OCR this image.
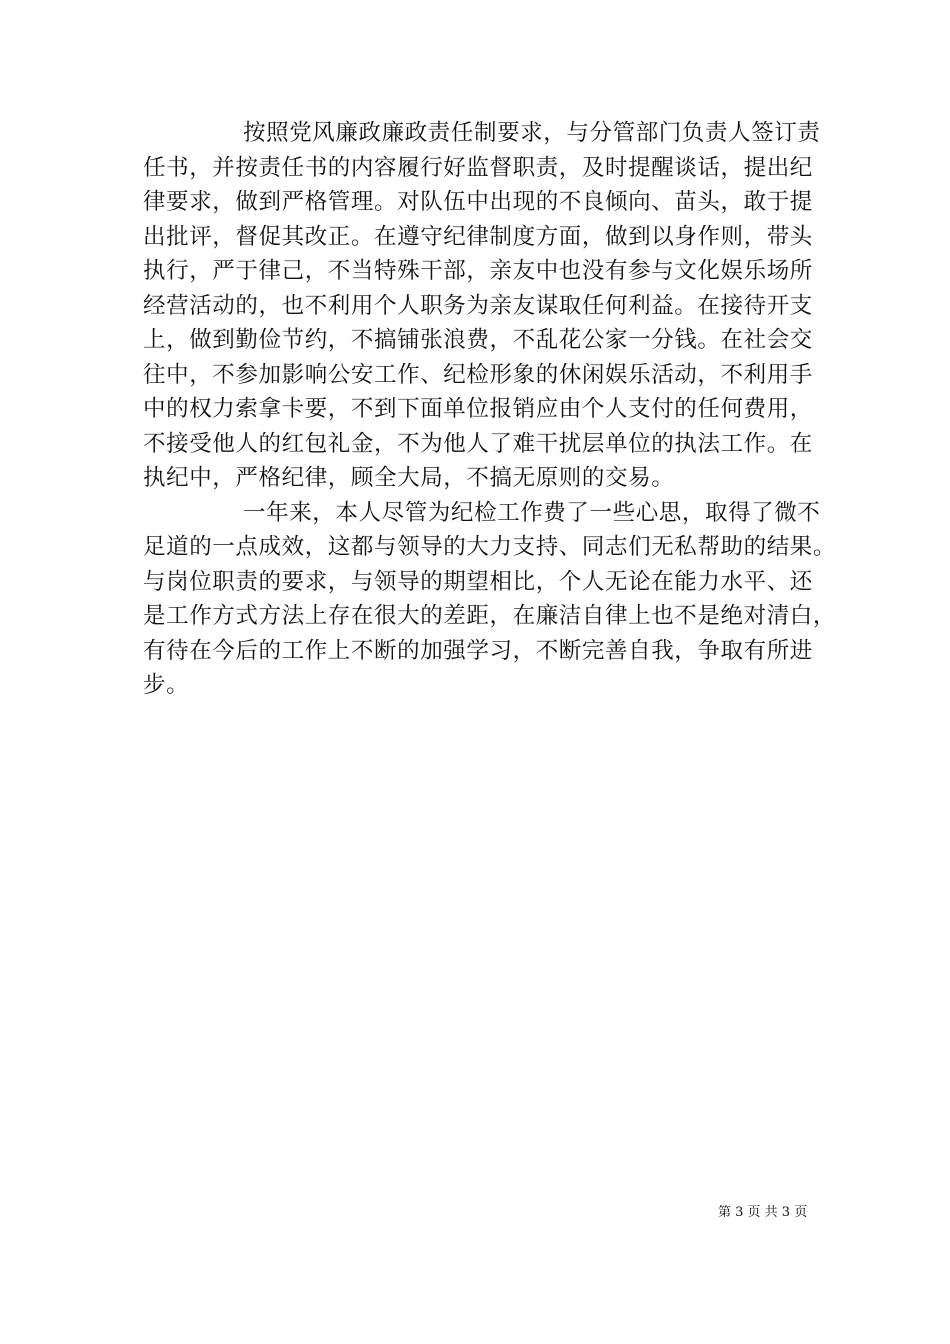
按照党风廉政廉政责任制要求，与分管部门负责人签订责
任书，并按责任书的内容履行好监督职责，及时提醒谈话，提出纪
律要求，做到严格管理。对队伍中出现的不良倾向、苗头，敢于提
出批评，督促其改正。在遵守纪律制度方面，做到以身作则，带头
执行，严于律己，不当特殊干部，亲友中也没有参与文化娱乐场所
经营活动的，也不利用个人职务为亲友谋取任何利益。在接待开支
上，做到勤俭节约，不搞铺张浪费，不乱花公家一分钱。在社会交
往中，不参加影响公安工作、纪检形象的休闲娱乐活动，不利用手
中的权力索拿卡要，不到下面单位报销应由个人支付的任何费用，
不接受他人的红包礼金，不为他人了难干扰层单位的执法工作。在
执纪中，严格纪律，顾全大局，不搞无原则的交易。
一年来，本人尽管为纪检工作费了一些心思，取得了微不
足道的一点成效，这都与领导的大力支持、同志们无私帮助的结果。
与岗位职责的要求，与领导的期望相比，个人无论在能力水平、还
是工作方式方法上存在很大的差距，在廉洁自律上也不是绝对清白，
有待在今后的工作上不断的加强学习，不断完善自我，争取有所进
步。
第 3 页 共 3 页
